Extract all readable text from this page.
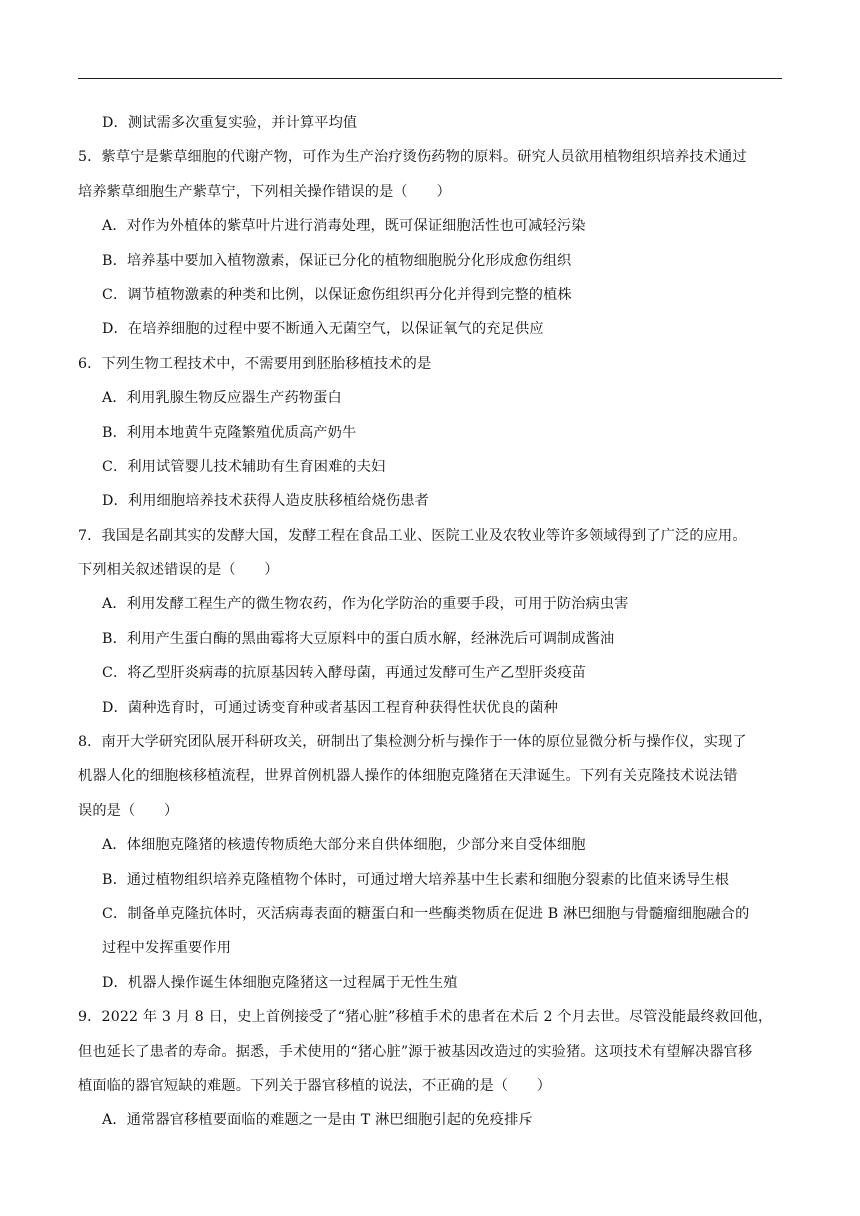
D．测试需多次重复实验，并计算平均值
5．紫草宁是紫草细胞的代谢产物，可作为生产治疗烫伤药物的原料。研究人员欲用植物组织培养技术通过
培养紫草细胞生产紫草宁，下列相关操作错误的是（　　）
A．对作为外植体的紫草叶片进行消毒处理，既可保证细胞活性也可减轻污染
B．培养基中要加入植物激素，保证已分化的植物细胞脱分化形成愈伤组织
C．调节植物激素的种类和比例，以保证愈伤组织再分化并得到完整的植株
D．在培养细胞的过程中要不断通入无菌空气，以保证氧气的充足供应
6．下列生物工程技术中，不需要用到胚胎移植技术的是
A．利用乳腺生物反应器生产药物蛋白
B．利用本地黄牛克隆繁殖优质高产奶牛
C．利用试管婴儿技术辅助有生育困难的夫妇
D．利用细胞培养技术获得人造皮肤移植给烧伤患者
7．我国是名副其实的发酵大国，发酵工程在食品工业、医院工业及农牧业等许多领域得到了广泛的应用。
下列相关叙述错误的是（　　）
A．利用发酵工程生产的微生物农药，作为化学防治的重要手段，可用于防治病虫害
B．利用产生蛋白酶的黑曲霉将大豆原料中的蛋白质水解，经淋洗后可调制成酱油
C．将乙型肝炎病毒的抗原基因转入酵母菌，再通过发酵可生产乙型肝炎疫苗
D．菌种选育时，可通过诱变育种或者基因工程育种获得性状优良的菌种
8．南开大学研究团队展开科研攻关，研制出了集检测分析与操作于一体的原位显微分析与操作仪，实现了
机器人化的细胞核移植流程，世界首例机器人操作的体细胞克隆猪在天津诞生。下列有关克隆技术说法错
误的是（　　）
A．体细胞克隆猪的核遗传物质绝大部分来自供体细胞，少部分来自受体细胞
B．通过植物组织培养克隆植物个体时，可通过增大培养基中生长素和细胞分裂素的比值来诱导生根
C．制备单克隆抗体时，灭活病毒表面的糖蛋白和一些酶类物质在促进 B 淋巴细胞与骨髓瘤细胞融合的
过程中发挥重要作用
D．机器人操作诞生体细胞克隆猪这一过程属于无性生殖
9．2022 年 3 月 8 日，史上首例接受了“猪心脏”移植手术的患者在术后 2 个月去世。尽管没能最终救回他，
但也延长了患者的寿命。据悉，手术使用的“猪心脏”源于被基因改造过的实验猪。这项技术有望解决器官移
植面临的器官短缺的难题。下列关于器官移植的说法，不正确的是（　　）
A．通常器官移植要面临的难题之一是由 T 淋巴细胞引起的免疫排斥
